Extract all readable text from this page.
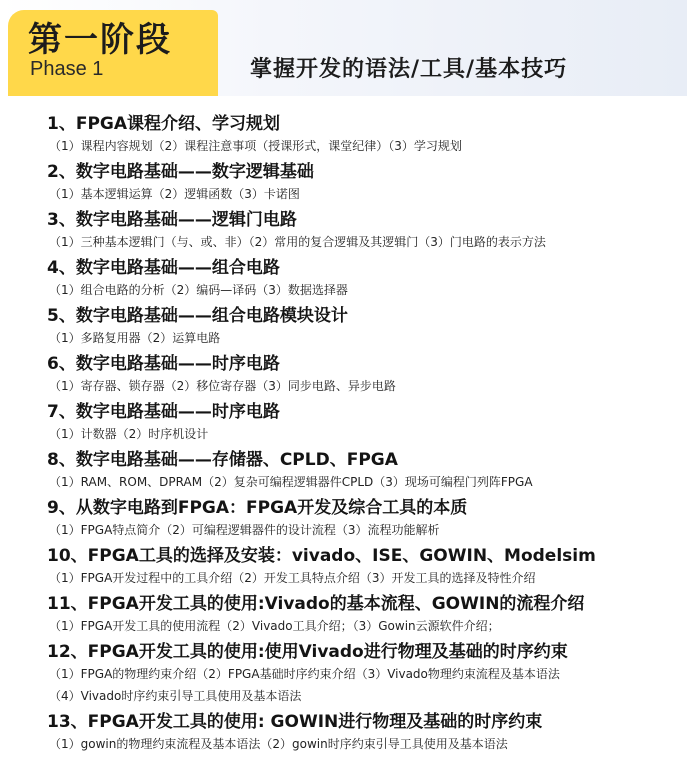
第一阶段
Phase 1	掌握开发的语法/工具/基本技巧
1、FPGA课程介绍、学习规划
（1）课程内容规划（2）课程注意事项（授课形式，课堂纪律）（3）学习规划
2、数字电路基础——数字逻辑基础
（1）基本逻辑运算（2）逻辑函数（3）卡诺图
3、数字电路基础——逻辑门电路
（1）三种基本逻辑门（与、或、非）（2）常用的复合逻辑及其逻辑门（3）门电路的表示方法
4、数字电路基础——组合电路
（1）组合电路的分析（2）编码—译码（3）数据选择器
5、数字电路基础——组合电路模块设计
（1）多路复用器（2）运算电路
6、数字电路基础——时序电路
（1）寄存器、锁存器（2）移位寄存器（3）同步电路、异步电路
7、数字电路基础——时序电路
（1）计数器（2）时序机设计
8、数字电路基础——存储器、CPLD、FPGA
（1）RAM、ROM、DPRAM（2）复杂可编程逻辑器件CPLD（3）现场可编程门列阵FPGA
9、从数字电路到FPGA：FPGA开发及综合工具的本质
（1）FPGA特点简介（2）可编程逻辑器件的设计流程（3）流程功能解析
10、FPGA工具的选择及安装：vivado、ISE、GOWIN、Modelsim
（1）FPGA开发过程中的工具介绍（2）开发工具特点介绍（3）开发工具的选择及特性介绍
11、FPGA开发工具的使用:Vivado的基本流程、GOWIN的流程介绍
（1）FPGA开发工具的使用流程（2）Vivado工具介绍；（3）Gowin云源软件介绍；
12、FPGA开发工具的使用:使用Vivado进行物理及基础的时序约束
（1）FPGA的物理约束介绍（2）FPGA基础时序约束介绍（3）Vivado物理约束流程及基本语法
（4）Vivado时序约束引导工具使用及基本语法
13、FPGA开发工具的使用: GOWIN进行物理及基础的时序约束
（1）gowin的物理约束流程及基本语法（2）gowin时序约束引导工具使用及基本语法
